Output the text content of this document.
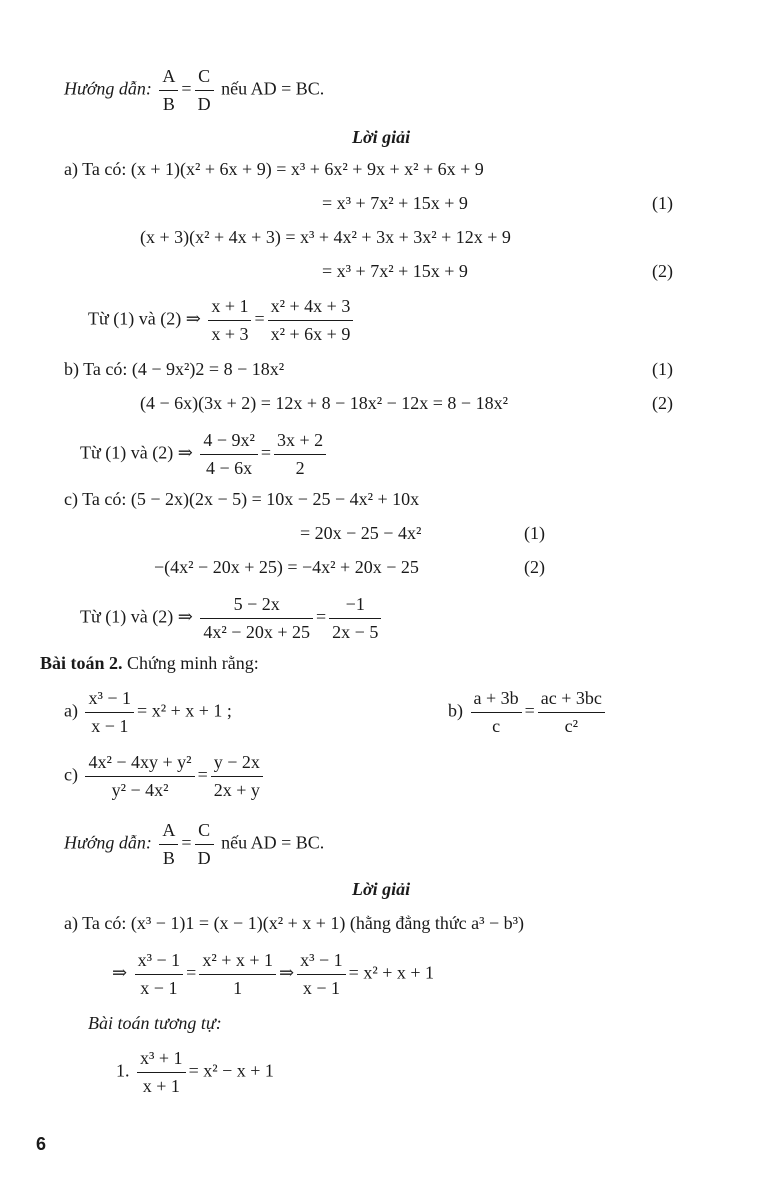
Hướng dẫn: $\frac{A}{B} = \frac{C}{D}$ nếu AD = BC.
Lời giải
a) Ta có: (x + 1)(x² + 6x + 9) = x³ + 6x² + 9x + x² + 6x + 9
= x³ + 7x² + 15x + 9	(1)
(x + 3)(x² + 4x + 3) = x³ + 4x² + 3x + 3x² + 12x + 9
= x³ + 7x² + 15x + 9	(2)
Từ (1) và (2) ⇒ $\frac{x + 1}{x + 3} = \frac{\text{x² + 4x + 3}}{\text{x² + 6x + 9}}$
b) Ta có: (4 − 9x²)2 = 8 − 18x²	(1)
(4 − 6x)(3x + 2) = 12x + 8 − 18x² − 12x = 8 − 18x²	(2)
Từ (1) và (2) ⇒ $\frac{\text{4 − 9x²}}{4 - 6x} = \frac{3x + 2}{2}$
c) Ta có: (5 − 2x)(2x − 5) = 10x − 25 − 4x² + 10x
= 20x − 25 − 4x²	(1)
−(4x² − 20x + 25) = −4x² + 20x − 25	(2)
Từ (1) và (2) ⇒ $\frac{5 - 2x}{\text{4x² − 20x + 25}} = \frac{-1}{2x - 5}$
Bài toán 2. Chứng minh rằng:
$a) \frac{\text{x³ − 1}}{x - 1} = x^2 + x + 1$ ;	$b) \frac{a + 3b}{c} = \frac{ac + 3bc}{\text{c²}}$
$c) \frac{\text{4x² − 4xy + y²}}{\text{y² − 4x²}} = \frac{y - 2x}{2x + y}$
Hướng dẫn: $\frac{A}{B} = \frac{C}{D}$ nếu AD = BC.
Lời giải
a) Ta có: (x³ − 1)1 = (x − 1)(x² + x + 1) (hằng đẳng thức a³ − b³)
⇒ $\frac{\text{x³ − 1}}{x - 1} = \frac{\text{x² + x + 1}}{1}$ ⇒ $\frac{\text{x³ − 1}}{x - 1} = x^2 + x + 1$
Bài toán tương tự:
1. $\frac{\text{x³ + 1}}{x + 1} = x^2 - x + 1$
6
